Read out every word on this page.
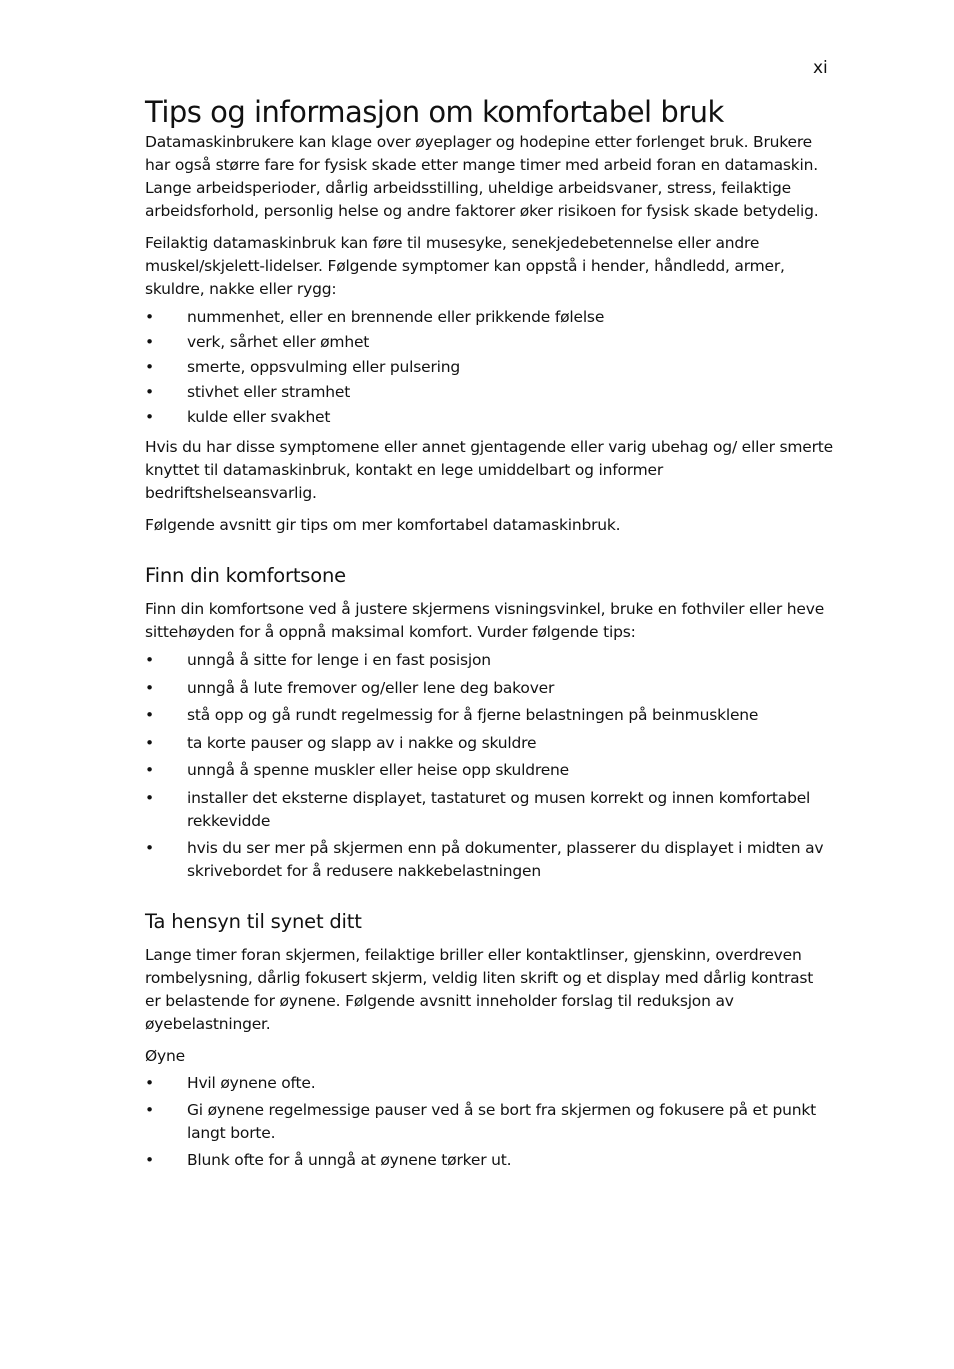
xi
Tips og informasjon om komfortabel bruk

Datamaskinbrukere kan klage over øyeplager og hodepine etter forlenget bruk. Brukere har også større fare for fysisk skade etter mange timer med arbeid foran en datamaskin. Lange arbeidsperioder, dårlig arbeidsstilling, uheldige arbeidsvaner, stress, feilaktige arbeidsforhold, personlig helse og andre faktorer øker risikoen for fysisk skade betydelig.

Feilaktig datamaskinbruk kan føre til musesyke, senekjedebetennelse eller andre muskel/skjelett-lidelser. Følgende symptomer kan oppstå i hender, håndledd, armer, skuldre, nakke eller rygg:

•	nummenhet, eller en brennende eller prikkende følelse
•	verk, sårhet eller ømhet
•	smerte, oppsvulming eller pulsering
•	stivhet eller stramhet
•	kulde eller svakhet

Hvis du har disse symptomene eller annet gjentagende eller varig ubehag og/ eller smerte knyttet til datamaskinbruk, kontakt en lege umiddelbart og informer bedriftshelseansvarlig.

Følgende avsnitt gir tips om mer komfortabel datamaskinbruk.

Finn din komfortsone

Finn din komfortsone ved å justere skjermens visningsvinkel, bruke en fothviler eller heve sittehøyden for å oppnå maksimal komfort. Vurder følgende tips:

•	unngå å sitte for lenge i en fast posisjon
•	unngå å lute fremover og/eller lene deg bakover
•	stå opp og gå rundt regelmessig for å fjerne belastningen på beinmusklene
•	ta korte pauser og slapp av i nakke og skuldre
•	unngå å spenne muskler eller heise opp skuldrene
•	installer det eksterne displayet, tastaturet og musen korrekt og innen komfortabel rekkevidde
•	hvis du ser mer på skjermen enn på dokumenter, plasserer du displayet i midten av skrivebordet for å redusere nakkebelastningen
Ta hensyn til synet ditt

Lange timer foran skjermen, feilaktige briller eller kontaktlinser, gjenskinn, overdreven rombelysning, dårlig fokusert skjerm, veldig liten skrift og et display med dårlig kontrast er belastende for øynene. Følgende avsnitt inneholder forslag til reduksjon av øyebelastninger.

Øyne

•	Hvil øynene ofte.
•	Gi øynene regelmessige pauser ved å se bort fra skjermen og fokusere på et punkt langt borte.
•	Blunk ofte for å unngå at øynene tørker ut.
